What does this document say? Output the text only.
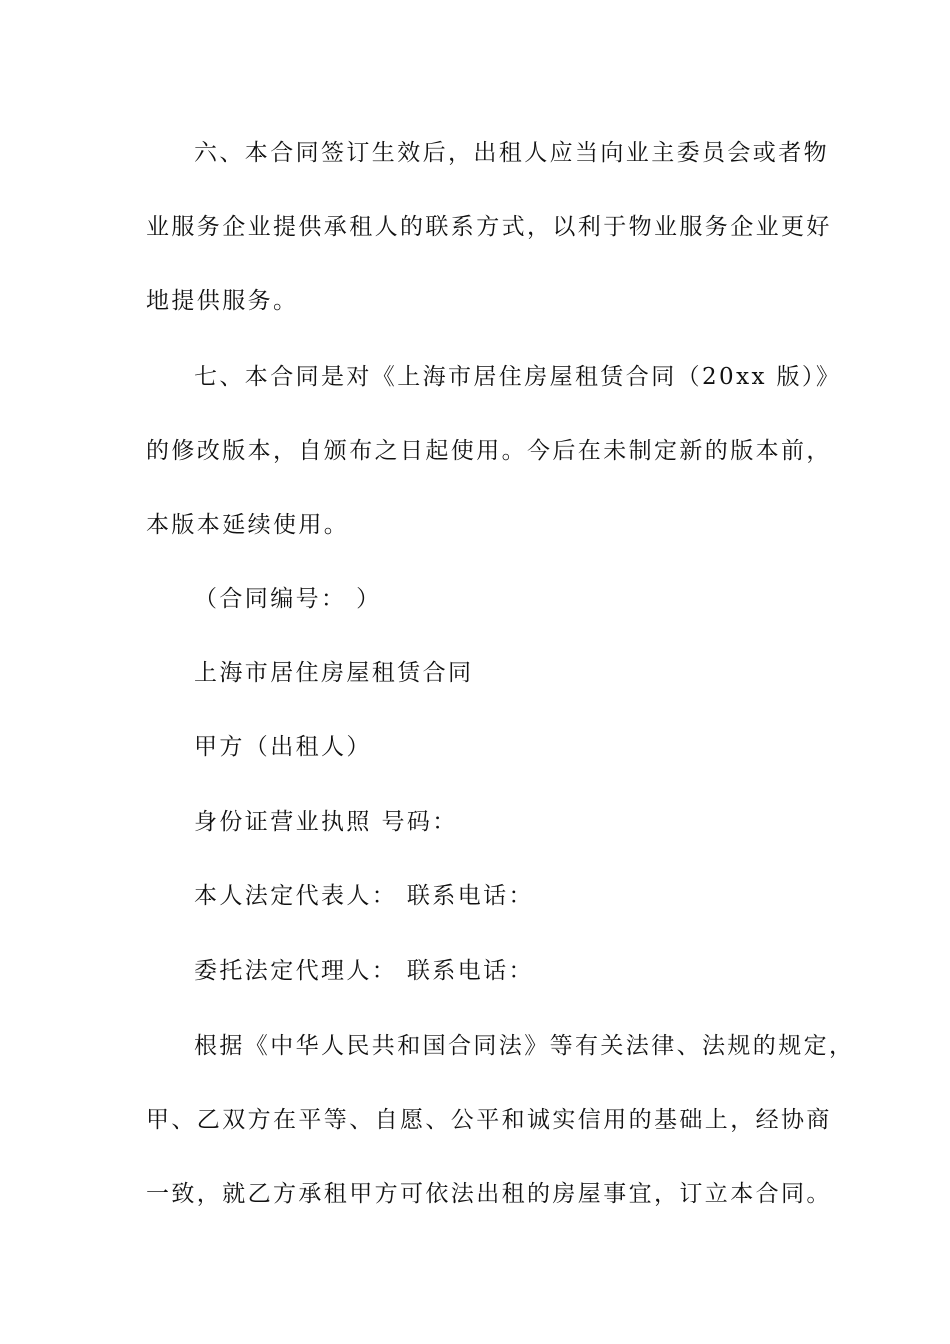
六、本合同签订生效后，出租人应当向业主委员会或者物
业服务企业提供承租人的联系方式，以利于物业服务企业更好
地提供服务。
七、本合同是对《上海市居住房屋租赁合同（20xx 版）》
的修改版本，自颁布之日起使用。今后在未制定新的版本前，
本版本延续使用。
（合同编号： ）
上海市居住房屋租赁合同
甲方（出租人）
身份证营业执照 号码：
本人法定代表人： 联系电话：
委托法定代理人： 联系电话：
根据《中华人民共和国合同法》等有关法律、法规的规定，
甲、乙双方在平等、自愿、公平和诚实信用的基础上，经协商
一致，就乙方承租甲方可依法出租的房屋事宜，订立本合同。
